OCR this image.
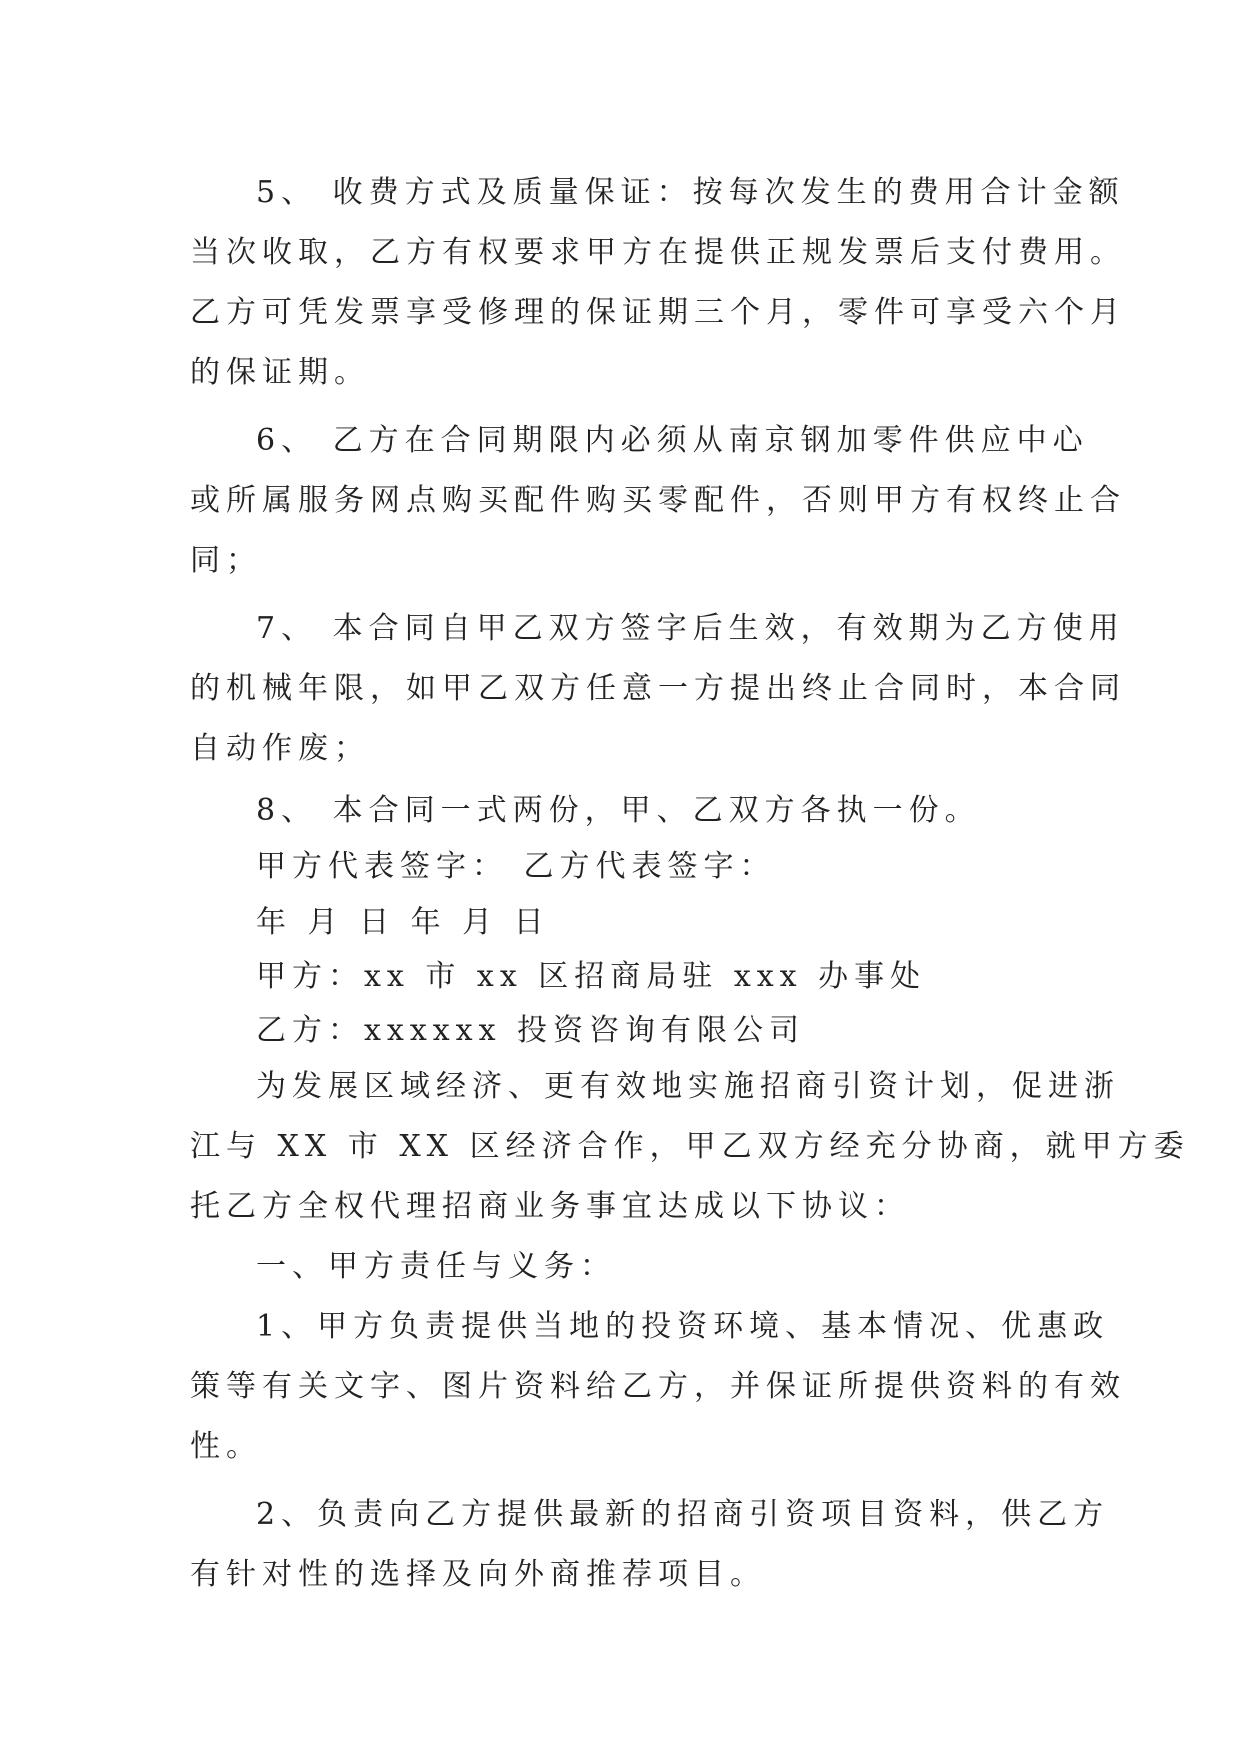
5、 收费方式及质量保证：按每次发生的费用合计金额
当次收取，乙方有权要求甲方在提供正规发票后支付费用。
乙方可凭发票享受修理的保证期三个月，零件可享受六个月
的保证期。
6、 乙方在合同期限内必须从南京钢加零件供应中心
或所属服务网点购买配件购买零配件，否则甲方有权终止合
同；
7、 本合同自甲乙双方签字后生效，有效期为乙方使用
的机械年限，如甲乙双方任意一方提出终止合同时，本合同
自动作废；
8、 本合同一式两份，甲、乙双方各执一份。
甲方代表签字： 乙方代表签字：
年 月 日 年 月 日
甲方：xx 市 xx 区招商局驻 xxx 办事处
乙方：xxxxxx 投资咨询有限公司
为发展区域经济、更有效地实施招商引资计划，促进浙
江与 XX 市 XX 区经济合作，甲乙双方经充分协商，就甲方委
托乙方全权代理招商业务事宜达成以下协议：
一、甲方责任与义务：
1、甲方负责提供当地的投资环境、基本情况、优惠政
策等有关文字、图片资料给乙方，并保证所提供资料的有效
性。
2、负责向乙方提供最新的招商引资项目资料，供乙方
有针对性的选择及向外商推荐项目。
